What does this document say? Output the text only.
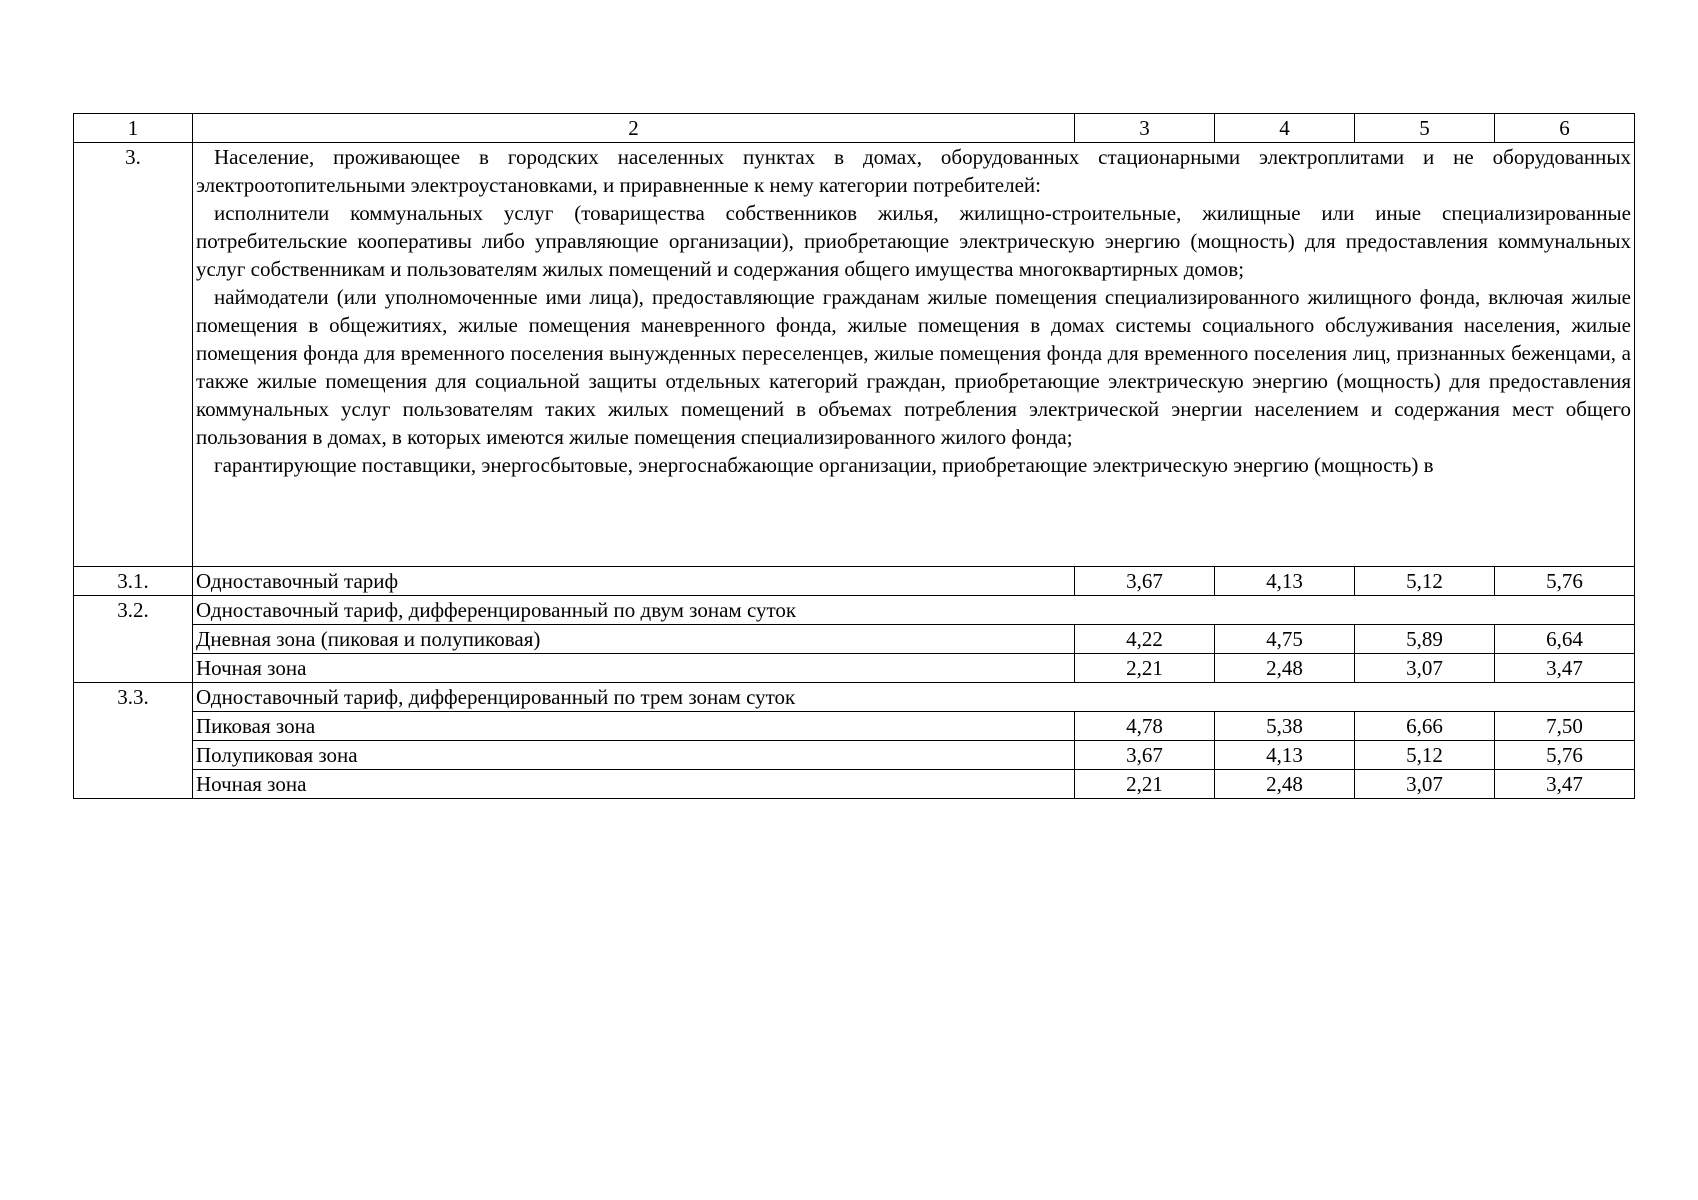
1	2	3	4	5	6
3.	Население, проживающее в городских населенных пунктах в домах, оборудованных стационарными электроплитами и не оборудованных электроотопительными электроустановками, и приравненные к нему категории потребителей:

исполнители коммунальных услуг (товарищества собственников жилья, жилищно-строительные, жилищные или иные специализированные потребительские кооперативы либо управляющие организации), приобретающие электрическую энергию (мощность) для предоставления коммунальных услуг собственникам и пользователям жилых помещений и содержания общего имущества многоквартирных домов;

наймодатели (или уполномоченные ими лица), предоставляющие гражданам жилые помещения специализированного жилищного фонда, включая жилые помещения в общежитиях, жилые помещения маневренного фонда, жилые помещения в домах системы социального обслуживания населения, жилые помещения фонда для временного поселения вынужденных переселенцев, жилые помещения фонда для временного поселения лиц, признанных беженцами, а также жилые помещения для социальной защиты отдельных категорий граждан, приобретающие электрическую энергию (мощность) для предоставления коммунальных услуг пользователям таких жилых помещений в объемах потребления электрической энергии населением и содержания мест общего пользования в домах, в которых имеются жилые помещения специализированного жилого фонда;

гарантирующие поставщики, энергосбытовые, энергоснабжающие организации, приобретающие электрическую энергию (мощность) в				

3.1.	Одноставочный тариф	3,67	4,13	5,12	5,76
3.2.	Одноставочный тариф, дифференцированный по двум зонам суток				
	Дневная зона (пиковая и полупиковая)	4,22	4,75	5,89	6,64
	Ночная зона	2,21	2,48	3,07	3,47
3.3.	Одноставочный тариф, дифференцированный по трем зонам суток				
	Пиковая зона	4,78	5,38	6,66	7,50
	Полупиковая зона	3,67	4,13	5,12	5,76
	Ночная зона	2,21	2,48	3,07	3,47
